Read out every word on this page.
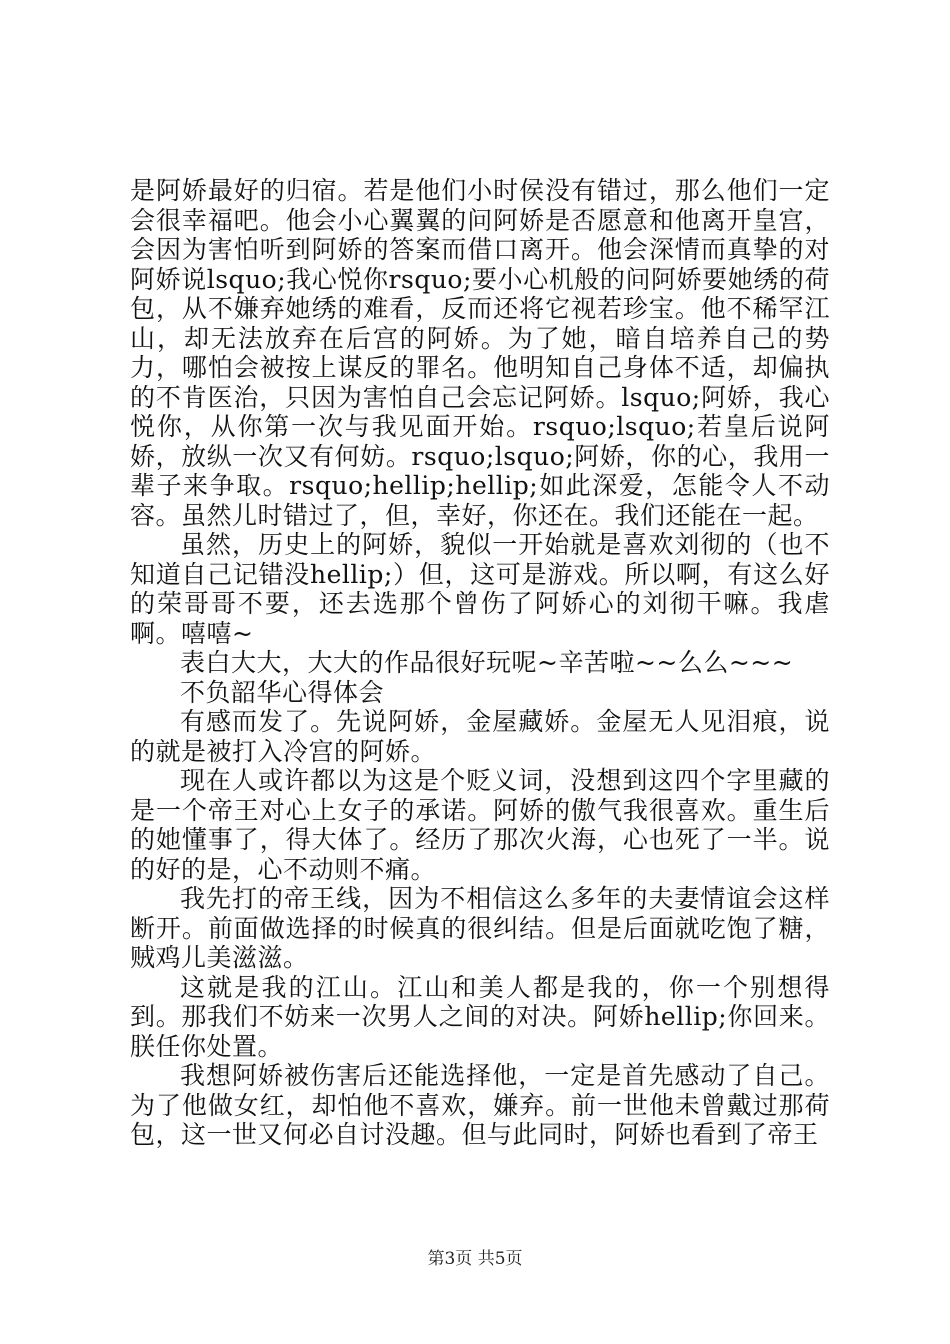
是阿娇最好的归宿。若是他们小时侯没有错过，那么他们一定会很幸福吧。他会小心翼翼的问阿娇是否愿意和他离开皇宫，会因为害怕听到阿娇的答案而借口离开。他会深情而真挚的对阿娇说lsquo;我心悦你rsquo;要小心机般的问阿娇要她绣的荷包，从不嫌弃她绣的难看，反而还将它视若珍宝。他不稀罕江山，却无法放弃在后宫的阿娇。为了她，暗自培养自己的势力，哪怕会被按上谋反的罪名。他明知自己身体不适，却偏执的不肯医治，只因为害怕自己会忘记阿娇。lsquo;阿娇，我心悦你，从你第一次与我见面开始。rsquo;lsquo;若皇后说阿娇，放纵一次又有何妨。rsquo;lsquo;阿娇，你的心，我用一辈子来争取。rsquo;hellip;hellip;如此深爱，怎能令人不动容。虽然儿时错过了，但，幸好，你还在。我们还能在一起。

虽然，历史上的阿娇，貌似一开始就是喜欢刘彻的（也不知道自己记错没hellip;）但，这可是游戏。所以啊，有这么好的荣哥哥不要，还去选那个曾伤了阿娇心的刘彻干嘛。我虐啊。嘻嘻~

表白大大，大大的作品很好玩呢~辛苦啦~~么么~~~

不负韶华心得体会

有感而发了。先说阿娇，金屋藏娇。金屋无人见泪痕，说的就是被打入冷宫的阿娇。

现在人或许都以为这是个贬义词，没想到这四个字里藏的是一个帝王对心上女子的承诺。阿娇的傲气我很喜欢。重生后的她懂事了，得大体了。经历了那次火海，心也死了一半。说的好的是，心不动则不痛。

我先打的帝王线，因为不相信这么多年的夫妻情谊会这样断开。前面做选择的时候真的很纠结。但是后面就吃饱了糖，贼鸡儿美滋滋。

这就是我的江山。江山和美人都是我的，你一个别想得到。那我们不妨来一次男人之间的对决。阿娇hellip;你回来。朕任你处置。

我想阿娇被伤害后还能选择他，一定是首先感动了自己。为了他做女红，却怕他不喜欢，嫌弃。前一世他未曾戴过那荷包，这一世又何必自讨没趣。但与此同时，阿娇也看到了帝王

第3页 共5页
